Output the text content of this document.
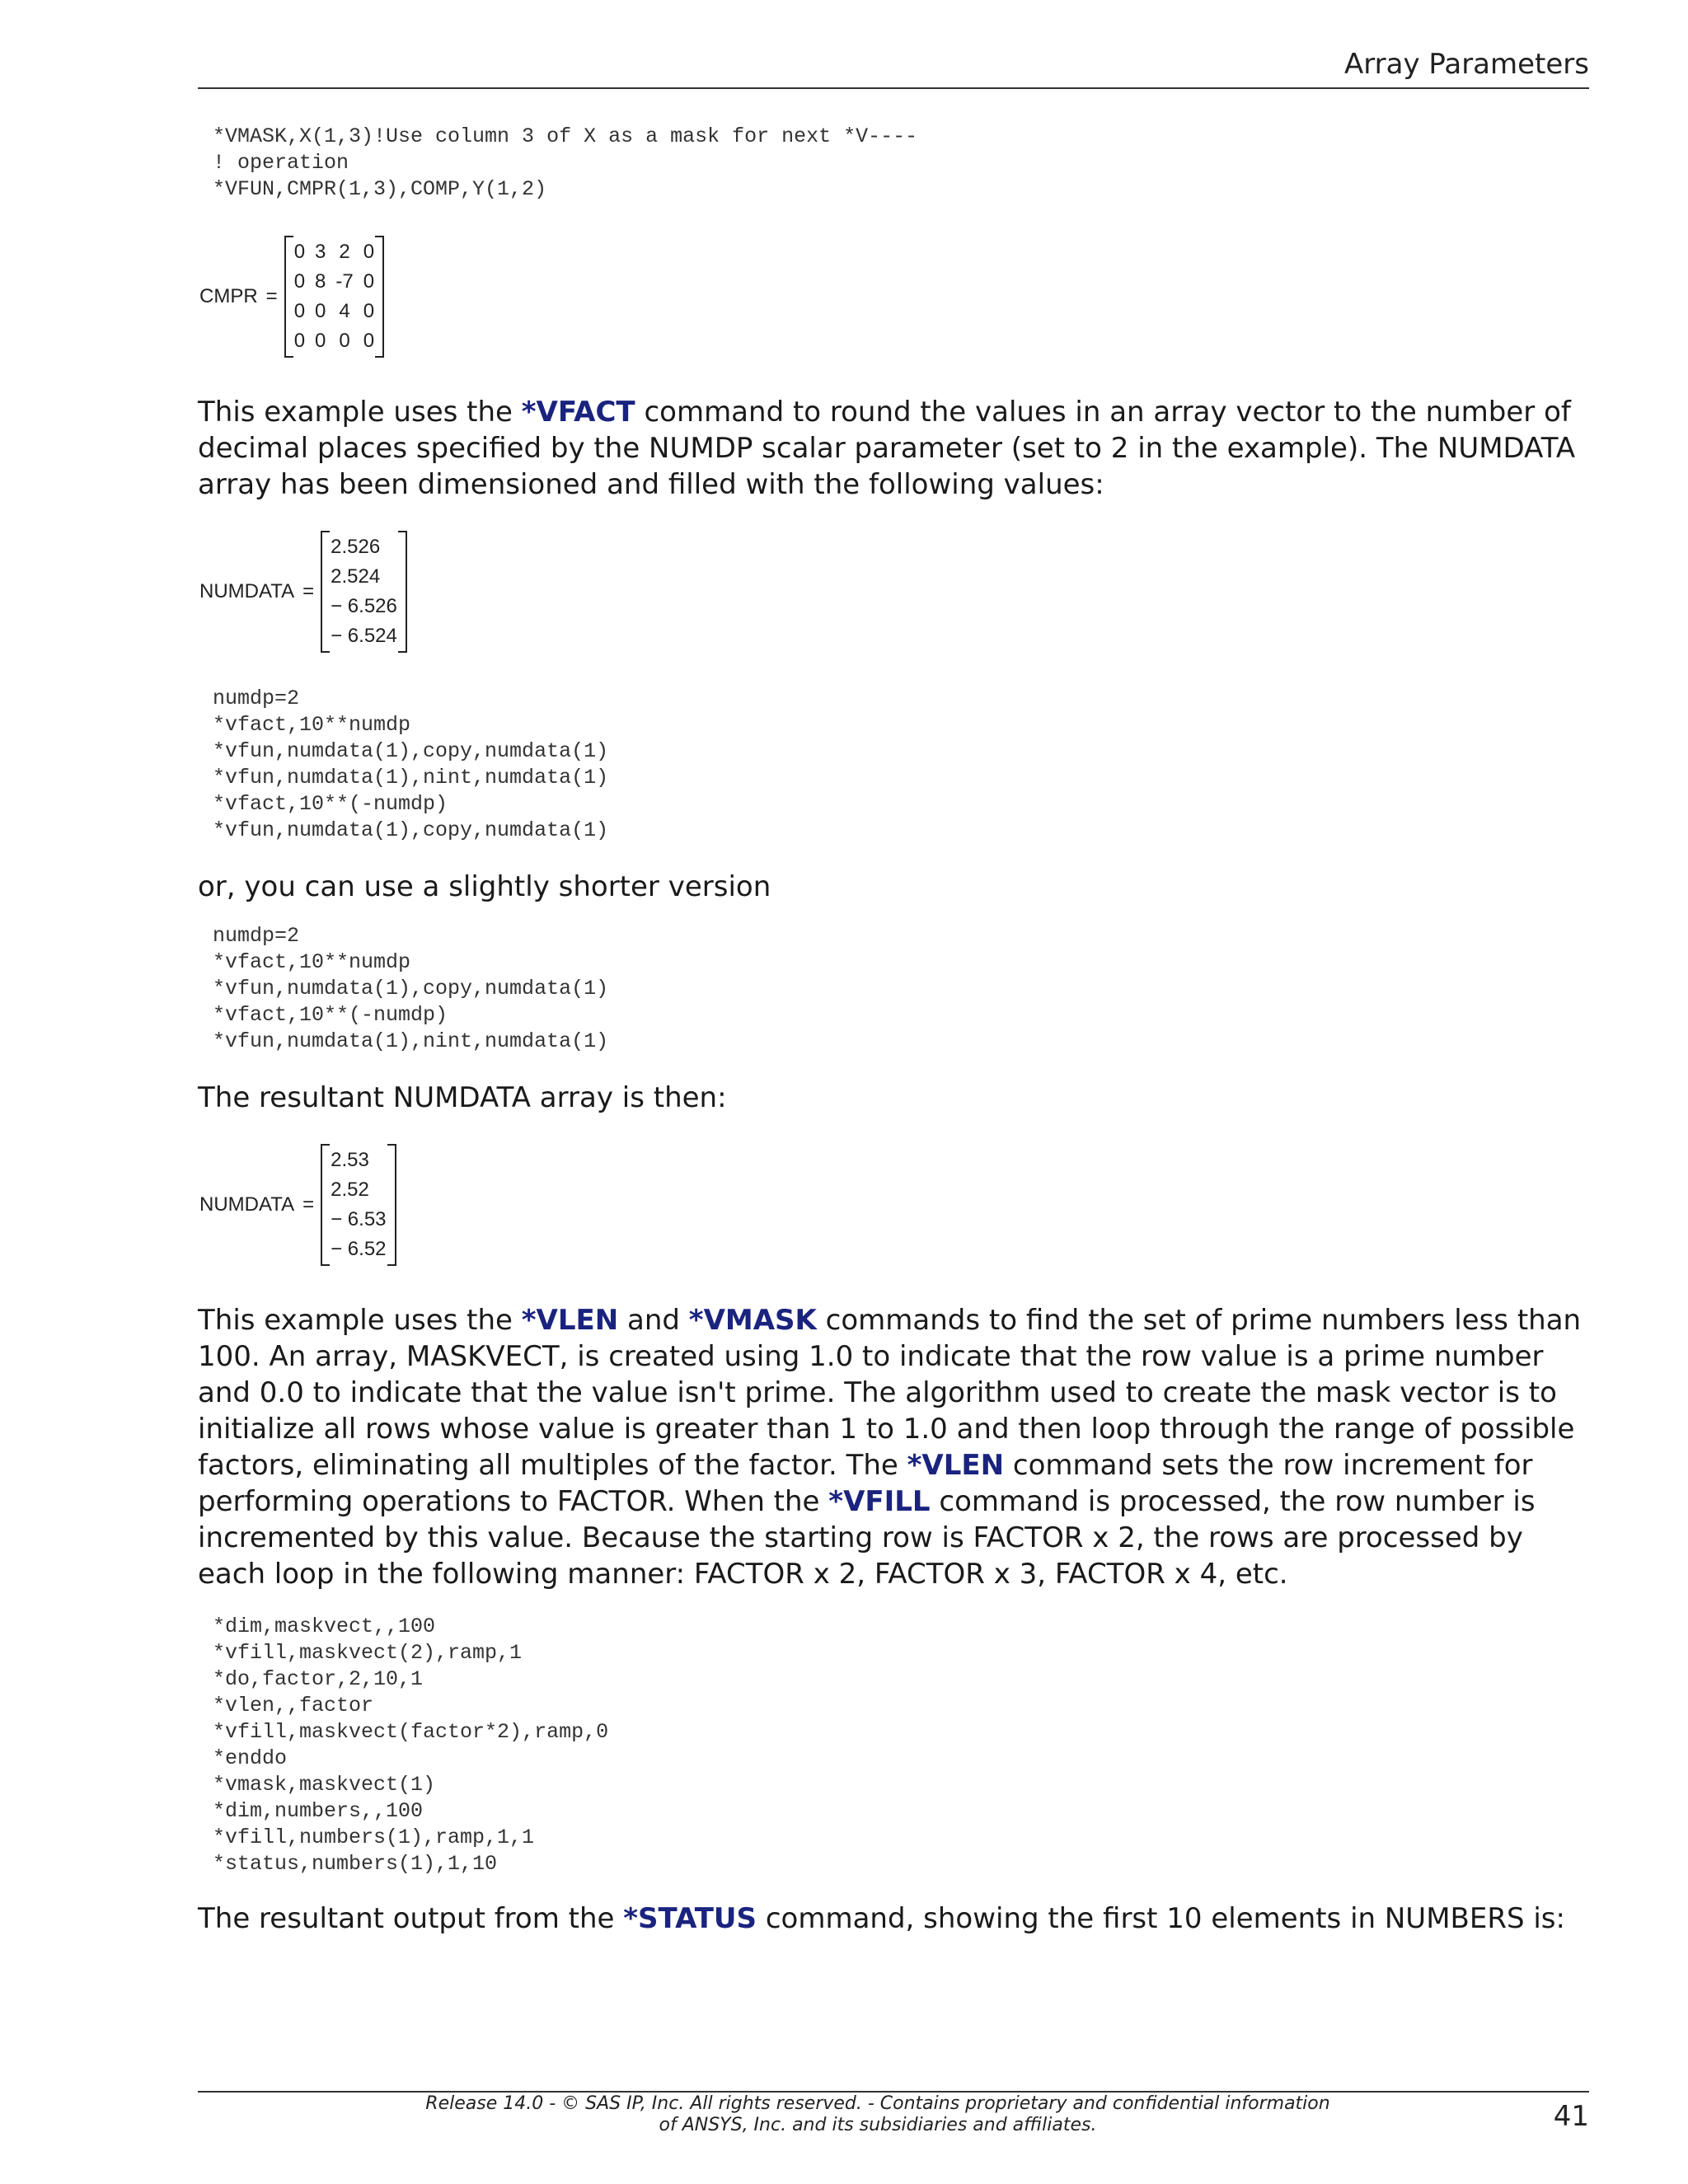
Array Parameters
*VMASK,X(1,3)!Use column 3 of X as a mask for next *V----
! operation
*VFUN,CMPR(1,3),COMP,Y(1,2)
CMPR =
0	3	2	0
0	8	-7	0
0	0	4	0
0	0	0	0

This example uses the *VFACT command to round the values in an array vector to the number of decimal places specified by the NUMDP scalar parameter (set to 2 in the example). The NUMDATA array has been dimensioned and filled with the following values:

NUMDATA =
2.526
2.524
− 6.526
− 6.524
numdp=2
*vfact,10**numdp
*vfun,numdata(1),copy,numdata(1)
*vfun,numdata(1),nint,numdata(1)
*vfact,10**(-numdp)
*vfun,numdata(1),copy,numdata(1)

or, you can use a slightly shorter version

numdp=2
*vfact,10**numdp
*vfun,numdata(1),copy,numdata(1)
*vfact,10**(-numdp)
*vfun,numdata(1),nint,numdata(1)

The resultant NUMDATA array is then:

NUMDATA =
2.53
2.52
− 6.53
− 6.52

This example uses the *VLEN and *VMASK commands to find the set of prime numbers less than 100. An array, MASKVECT, is created using 1.0 to indicate that the row value is a prime number and 0.0 to indicate that the value isn't prime. The algorithm used to create the mask vector is to initialize all rows whose value is greater than 1 to 1.0 and then loop through the range of possible factors, eliminating all multiples of the factor. The *VLEN command sets the row increment for performing operations to FACTOR. When the *VFILL command is processed, the row number is incremented by this value. Because the starting row is FACTOR x 2, the rows are processed by each loop in the following manner: FACTOR x 2, FACTOR x 3, FACTOR x 4, etc.

*dim,maskvect,,100
*vfill,maskvect(2),ramp,1
*do,factor,2,10,1
*vlen,,factor
*vfill,maskvect(factor*2),ramp,0
*enddo
*vmask,maskvect(1)
*dim,numbers,,100
*vfill,numbers(1),ramp,1,1
*status,numbers(1),1,10

The resultant output from the *STATUS command, showing the first 10 elements in NUMBERS is:

Release 14.0 - © SAS IP, Inc. All rights reserved. - Contains proprietary and confidential information
of ANSYS, Inc. and its subsidiaries and affiliates.	41
